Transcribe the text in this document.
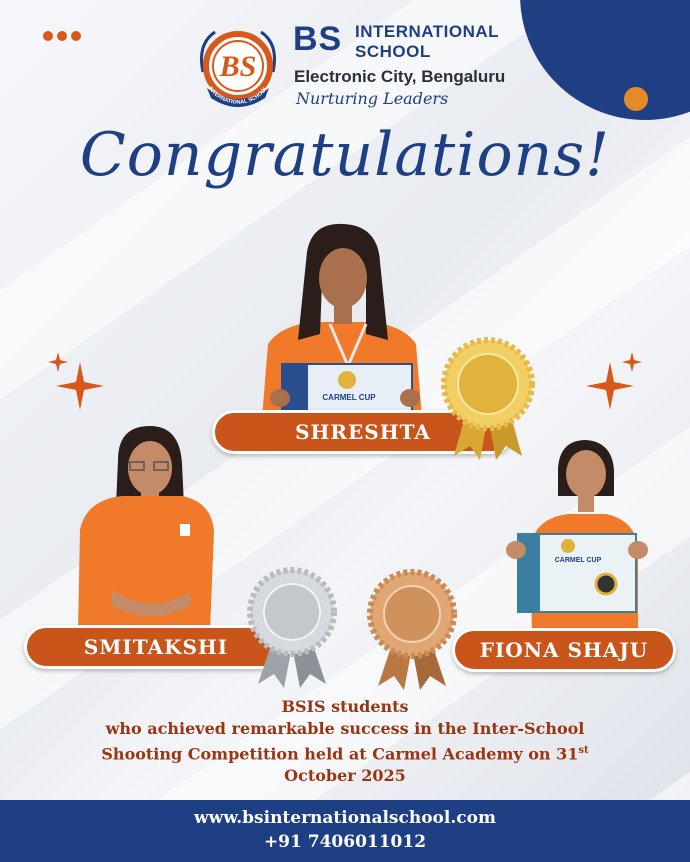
BS
INTERNATIONAL SCHOOL
BS INTERNATIONAL
SCHOOL
Electronic City, Bengaluru
Nurturing Leaders
Congratulations!
CARMEL CUP
CARMEL CUP
SHRESHTA
SMITAKSHI	FIONA SHAJU
BSIS students
who achieved remarkable success in the Inter-School
Shooting Competition held at Carmel Academy on 31st
October 2025
www.bsinternationalschool.com
+91 7406011012
